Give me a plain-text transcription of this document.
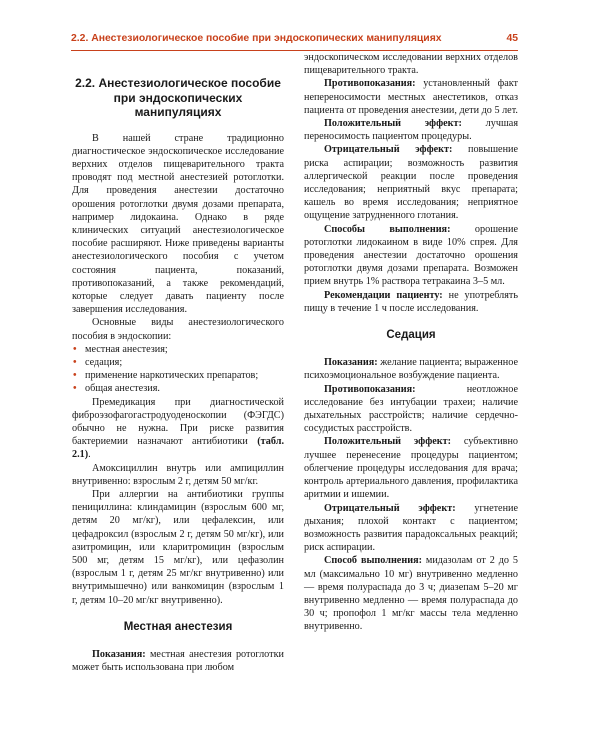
2.2. Анестезиологическое пособие при эндоскопических манипуляциях	45
2.2. Анестезиологическое пособие при эндоскопических манипуляциях

В нашей стране традиционно диагностическое эндоскопическое исследование верхних отделов пищеварительного тракта проводят под местной анестезией ротоглотки. Для проведения анестезии достаточно орошения ротоглотки двумя дозами препарата, например лидокаина. Однако в ряде клинических ситуаций анестезиологическое пособие расширяют. Ниже приведены варианты анестезиологического пособия с учетом состояния пациента, показаний, противопоказаний, а также рекомендаций, которые следует давать пациенту после завершения исследования.

Основные виды анестезиологического пособия в эндоскопии:

• местная анестезия;
• седация;
• применение наркотических препаратов;
• общая анестезия.

Премедикация при диагностической фиброэзофагогастродуоденоскопии (ФЭГДС) обычно не нужна. При риске развития бактериемии назначают антибиотики (табл. 2.1).

Амоксициллин внутрь или ампициллин внутривенно: взрослым 2 г, детям 50 мг/кг.

При аллергии на антибиотики группы пенициллина: клиндамицин (взрослым 600 мг, детям 20 мг/кг), или цефалексин, или цефадроксил (взрослым 2 г, детям 50 мг/кг), или азитромицин, или кларитромицин (взрослым 500 мг, детям 15 мг/кг), или цефазолин (взрослым 1 г, детям 25 мг/кг внутривенно) или внутримышечно) или ванкомицин (взрослым 1 г, детям 10–20 мг/кг внутривенно).

Местная анестезия

Показания: местная анестезия ротоглотки может быть использована при любом

эндоскопическом исследовании верхних отделов пищеварительного тракта.

Противопоказания: установленный факт непереносимости местных анестетиков, отказ пациента от проведения анестезии, дети до 5 лет.

Положительный эффект: лучшая переносимость пациентом процедуры.

Отрицательный эффект: повышение риска аспирации; возможность развития аллергической реакции после проведения исследования; неприятный вкус препарата; кашель во время исследования; неприятное ощущение затрудненного глотания.

Способы выполнения: орошение ротоглотки лидокаином в виде 10% спрея. Для проведения анестезии достаточно орошения ротоглотки двумя дозами препарата. Возможен прием внутрь 1% раствора тетракаина 3–5 мл.

Рекомендации пациенту: не употреблять пищу в течение 1 ч после исследования.

Седация

Показания: желание пациента; выраженное психоэмоциональное возбуждение пациента.

Противопоказания: неотложное исследование без интубации трахеи; наличие дыхательных расстройств; наличие сердечно-сосудистых расстройств.

Положительный эффект: субъективно лучшее перенесение процедуры пациентом; облегчение процедуры исследования для врача; контроль артериального давления, профилактика аритмии и ишемии.

Отрицательный эффект: угнетение дыхания; плохой контакт с пациентом; возможность развития парадоксальных реакций; риск аспирации.

Способ выполнения: мидазолам от 2 до 5 мл (максимально 10 мг) внутривенно медленно — время полураспада до 3 ч; диазепам 5–20 мг внутривенно медленно — время полураспада до 30 ч; пропофол 1 мг/кг массы тела медленно внутривенно.
